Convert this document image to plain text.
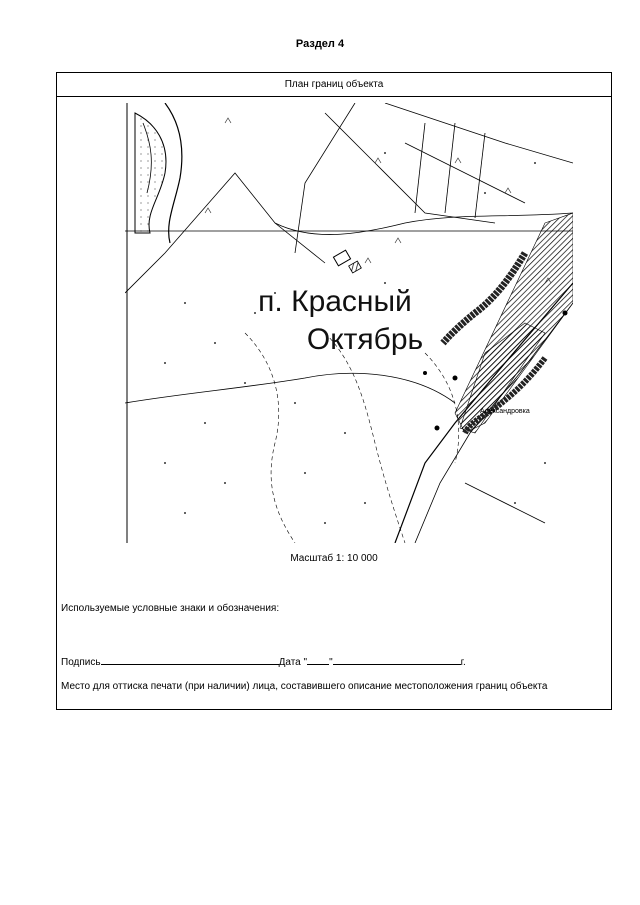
Раздел 4
План границ объекта
Александровка
п. Красный
Октябрь
Масштаб 1: 10 000
Используемые условные знаки и обозначения:
Подпись	Дата " "	г.
Место для оттиска печати (при наличии) лица, составившего описание местоположения границ объекта
